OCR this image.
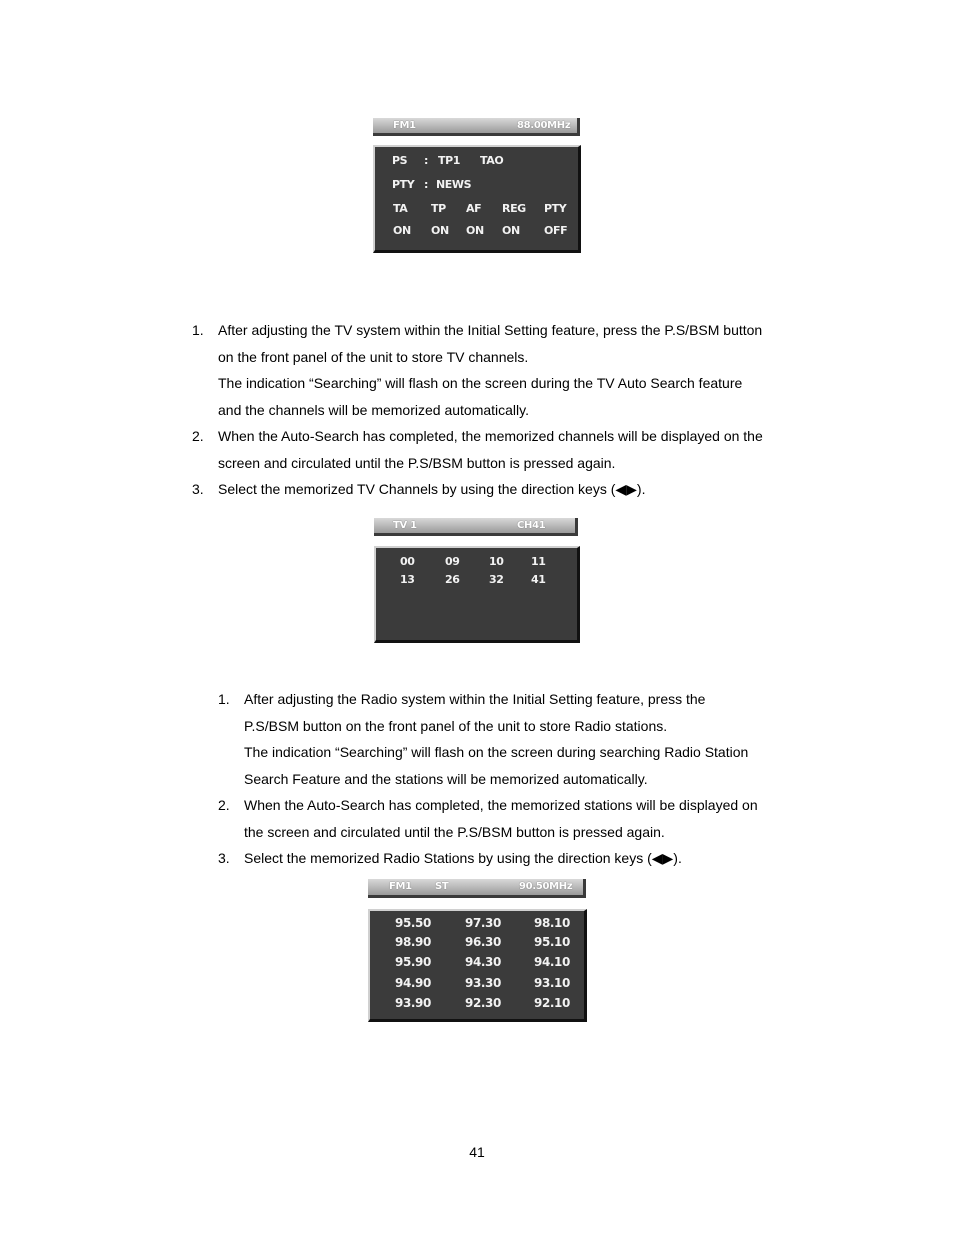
FM1	88.00MHz
PS : TP1 TAO
PTY : NEWS
TA TP AF REG PTY
ON ON ON ON OFF
1. After adjusting the TV system within the Initial Setting feature, press the P.S/BSM button
on the front panel of the unit to store TV channels.
The indication “Searching” will flash on the screen during the TV Auto Search feature
and the channels will be memorized automatically.
2. When the Auto-Search has completed, the memorized channels will be displayed on the
screen and circulated until the P.S/BSM button is pressed again.
3. Select the memorized TV Channels by using the direction keys (◀▶).
TV 1	CH41
00	09	10 11
13	26	32 41
1. After adjusting the Radio system within the Initial Setting feature, press the
P.S/BSM button on the front panel of the unit to store Radio stations.
The indication “Searching” will flash on the screen during searching Radio Station
Search Feature and the stations will be memorized automatically.
2. When the Auto-Search has completed, the memorized stations will be displayed on
the screen and circulated until the P.S/BSM button is pressed again.
3. Select the memorized Radio Stations by using the direction keys (◀▶).
FM1 ST	90.50MHz
95.50	97.30	98.10
98.90	96.30	95.10
95.90	94.30	94.10
94.90	93.30	93.10
93.90	92.30	92.10
41
